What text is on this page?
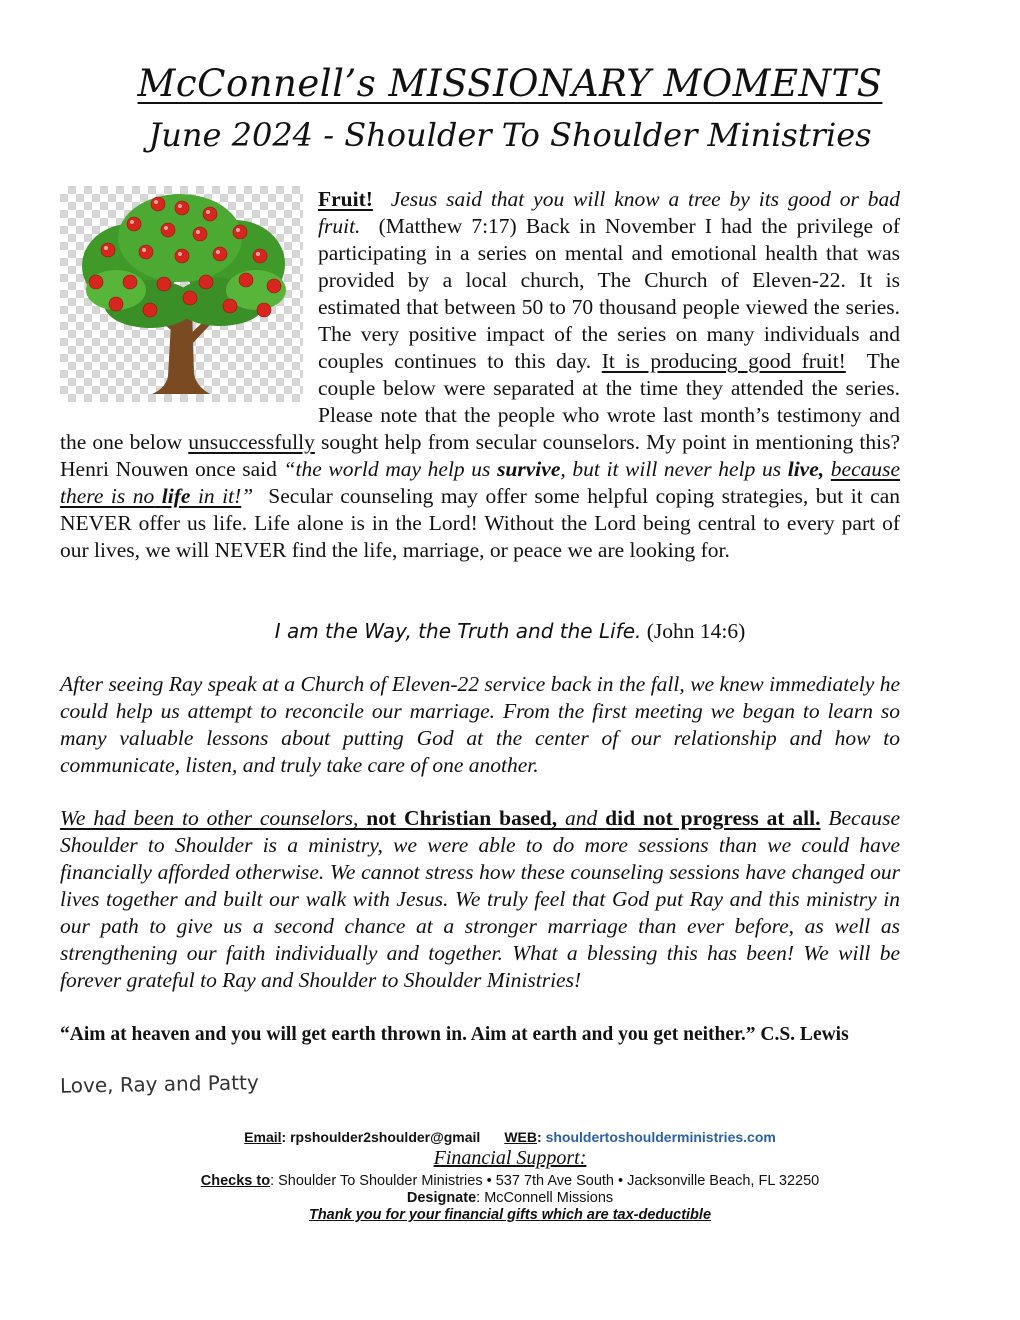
McConnell’s MISSIONARY MOMENTS
June 2024 - Shoulder To Shoulder Ministries
Fruit! Jesus said that you will know a tree by its good or bad fruit. (Matthew 7:17) Back in November I had the privilege of participating in a series on mental and emotional health that was provided by a local church, The Church of Eleven-22. It is estimated that between 50 to 70 thousand people viewed the series. The very positive impact of the series on many individuals and couples continues to this day. It is producing good fruit! The couple below were separated at the time they attended the series. Please note that the people who wrote last month’s testimony and the one below unsuccessfully sought help from secular counselors. My point in mentioning this? Henri Nouwen once said “the world may help us survive, but it will never help us live, because there is no life in it!” Secular counseling may offer some helpful coping strategies, but it can NEVER offer us life. Life alone is in the Lord! Without the Lord being central to every part of our lives, we will NEVER find the life, marriage, or peace we are looking for.
I am the Way, the Truth and the Life. (John 14:6)
After seeing Ray speak at a Church of Eleven-22 service back in the fall, we knew immediately he could help us attempt to reconcile our marriage. From the first meeting we began to learn so many valuable lessons about putting God at the center of our relationship and how to communicate, listen, and truly take care of one another.
We had been to other counselors, not Christian based, and did not progress at all. Because Shoulder to Shoulder is a ministry, we were able to do more sessions than we could have financially afforded otherwise. We cannot stress how these counseling sessions have changed our lives together and built our walk with Jesus. We truly feel that God put Ray and this ministry in our path to give us a second chance at a stronger marriage than ever before, as well as strengthening our faith individually and together. What a blessing this has been! We will be forever grateful to Ray and Shoulder to Shoulder Ministries!
“Aim at heaven and you will get earth thrown in. Aim at earth and you get neither.” C.S. Lewis
Love, Ray and Patty
Email: rpshoulder2shoulder@gmail WEB: shouldertoshoulderministries.com
Financial Support:
Checks to: Shoulder To Shoulder Ministries • 537 7th Ave South • Jacksonville Beach, FL 32250
Designate: McConnell Missions
Thank you for your financial gifts which are tax-deductible
